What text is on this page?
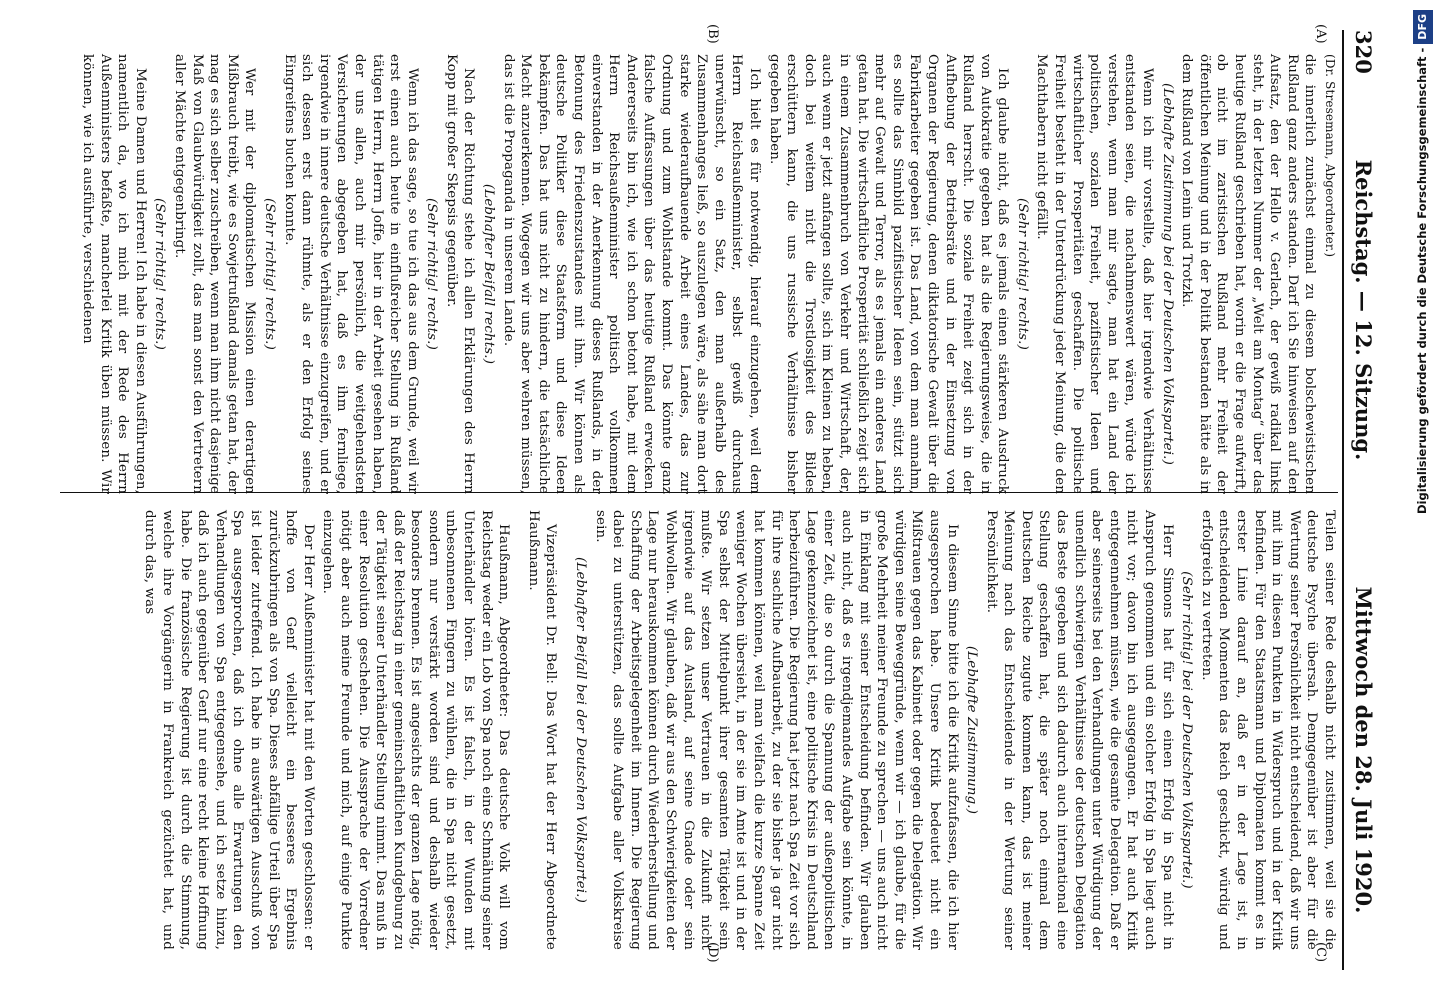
320
Reichstag. — 12. Sitzung.
Mittwoch den 28. Juli 1920.
(A)
(B)
(C)
(D)

(Dr. Stresemann, Abgeordneter.)

die innerlich zunächst einmal zu diesem bolschewistischen Rußland ganz anders standen. Darf ich Sie hinweisen auf den Aufsatz, den der Hello v. Gerlach, der gewiß radikal links steht, in der letzten Nummer der „Welt am Montag“ über das heutige Rußland geschrieben hat, worin er die Frage aufwirft, ob nicht im zaristischen Rußland mehr Freiheit der öffentlichen Meinung und in der Politik bestanden hätte als in dem Rußland von Lenin und Trotzki.

(Lebhafte Zustimmung bei der Deutschen Volkspartei.)

Wenn ich mir vorstellte, daß hier irgendwie Verhältnisse entstanden seien, die nachahmenswert wären, würde ich verstehen, wenn man mir sagte, man hat ein Land der politischen, sozialen Freiheit, pazifistischer Ideen und wirtschaftlicher Prosperitäten geschaffen. Die politische Freiheit besteht in der Unterdrückung jeder Meinung, die den Machthabern nicht gefällt.

(Sehr richtig! rechts.)

Ich glaube nicht, daß es jemals einen stärkeren Ausdruck von Autokratie gegeben hat als die Regierungsweise, die in Rußland herrscht. Die soziale Freiheit zeigt sich in der Aufhebung der Betriebsräte und in der Einsetzung von Organen der Regierung, denen diktatorische Gewalt über die Fabrikarbeiter gegeben ist. Das Land, von dem man annahm, es sollte das Sinnbild pazifistischer Ideen sein, stützt sich mehr auf Gewalt und Terror, als es jemals ein anderes Land getan hat. Die wirtschaftliche Prosperität schließlich zeigt sich in einem Zusammenbruch von Verkehr und Wirtschaft, der, auch wenn er jetzt anfangen sollte, sich im Kleinen zu heben, doch bei weitem nicht die Trostlosigkeit des Bildes erschüttern kann, die uns russische Verhältnisse bisher gegeben haben.

Ich hielt es für notwendig, hierauf einzugehen, weil dem Herrn Reichsaußenminister, selbst gewiß durchaus unerwünscht, so ein Satz, den man außerhalb des Zusammenhanges ließ, so auszulegen wäre, als sähe man dort starke wiederaufbauende Arbeit eines Landes, das zur Ordnung und zum Wohlstande kommt. Das könnte ganz falsche Auffassungen über das heutige Rußland erwecken. Andererseits bin ich, wie ich schon betont habe, mit dem Herrn Reichsaußenminister politisch vollkommen einverstanden in der Anerkennung dieses Rußlands, in der Betonung des Friedenszustandes mit ihm. Wir können als deutsche Politiker diese Staatsform und diese Ideen bekämpfen. Das hat uns nicht zu hindern, die tatsächliche Macht anzuerkennen. Wogegen wir uns aber wehren müssen, das ist die Propaganda in unserem Lande.

(Lebhafter Beifall rechts.)

Nach der Richtung stehe ich allen Erklärungen des Herrn Kopp mit großer Skepsis gegenüber.

(Sehr richtig! rechts.)

Wenn ich das sage, so tue ich das aus dem Grunde, weil wir erst einen auch heute in einflußreicher Stellung in Rußland tätigen Herrn, Herrn Joffe, hier in der Arbeit gesehen haben, der uns allen, auch mir persönlich, die weitgehendsten Versicherungen abgegeben hat, daß es ihm fernliege, irgendwie in innere deutsche Verhältnisse einzugreifen, und er sich dessen erst dann rühmte, als er den Erfolg seines Eingreifens buchen konnte.

(Sehr richtig! rechts.)

Wer mit der diplomatischen Mission einen derartigen Mißbrauch treibt, wie es Sowjetrußland damals getan hat, der mag es sich selber zuschreiben, wenn man ihm nicht dasjenige Maß von Glaubwürdigkeit zollt, das man sonst den Vertretern aller Mächte entgegenbringt.

(Sehr richtig! rechts.)

Meine Damen und Herren! Ich habe in diesen Ausführungen, namentlich da, wo ich mich mit der Rede des Herrn Außenministers befaßte, mancherlei Kritik üben müssen. Wir können, wie ich ausführte, verschiedenen

Teilen seiner Rede deshalb nicht zustimmen, weil sie die deutsche Psyche übersah. Demgegenüber ist aber für die Wertung seiner Persönlichkeit nicht entscheidend, daß wir uns mit ihm in diesen Punkten in Widerspruch und in der Kritik befinden. Für den Staatsmann und Diplomaten kommt es in erster Linie darauf an, daß er in der Lage ist, in entscheidenden Momenten das Reich geschickt, würdig und erfolgreich zu vertreten.

(Sehr richtig! bei der Deutschen Volkspartei.)

Herr Simons hat für sich einen Erfolg in Spa nicht in Anspruch genommen und ein solcher Erfolg in Spa liegt auch nicht vor; davon bin ich ausgegangen. Er hat auch Kritik entgegennehmen müssen, wie die gesamte Delegation. Daß er aber seinerseits bei den Verhandlungen unter Würdigung der unendlich schwierigen Verhältnisse der deutschen Delegation das Beste gegeben und sich dadurch auch international eine Stellung geschaffen hat, die später noch einmal dem Deutschen Reiche zugute kommen kann, das ist meiner Meinung nach das Entscheidende in der Wertung seiner Persönlichkeit.

(Lebhafte Zustimmung.)

In diesem Sinne bitte ich die Kritik aufzufassen, die ich hier ausgesprochen habe. Unsere Kritik bedeutet nicht ein Mißtrauen gegen das Kabinett oder gegen die Delegation. Wir würdigen seine Beweggründe, wenn wir — ich glaube, für die große Mehrheit meiner Freunde zu sprechen — uns auch nicht in Einklang mit seiner Entscheidung befinden. Wir glauben auch nicht, daß es irgendjemandes Aufgabe sein könnte, in einer Zeit, die so durch die Spannung der außenpolitischen Lage gekennzeichnet ist, eine politische Krisis in Deutschland herbeizuführen. Die Regierung hat jetzt nach Spa Zeit vor sich für ihre sachliche Aufbauarbeit, zu der sie bisher ja gar nicht hat kommen können, weil man vielfach die kurze Spanne Zeit weniger Wochen übersieht, in der sie im Amte ist und in der Spa selbst der Mittelpunkt ihrer gesamten Tätigkeit sein mußte. Wir setzen unser Vertrauen in die Zukunft nicht irgendwie auf das Ausland, auf seine Gnade oder sein Wohlwollen. Wir glauben, daß wir aus den Schwierigkeiten der Lage nur herauskommen können durch Wiederherstellung und Schaffung der Arbeitsgelegenheit im Innern. Die Regierung dabei zu unterstützen, das sollte Aufgabe aller Volkskreise sein.

(Lebhafter Beifall bei der Deutschen Volkspartei.)

Vizepräsident Dr. Bell: Das Wort hat der Herr Abgeordnete Haußmann.

Haußmann, Abgeordneter: Das deutsche Volk will vom Reichstag weder ein Lob von Spa noch eine Schmähung seiner Unterhändler hören. Es ist falsch, in der Wunden mit unbesonnenen Fingern zu wühlen, die in Spa nicht gesetzt, sondern nur verstärkt worden sind und deshalb wieder besonders brennen. Es ist angesichts der ganzen Lage nötig, daß der Reichstag in einer gemeinschaftlichen Kundgebung zu der Tätigkeit seiner Unterhändler Stellung nimmt. Das muß in einer Resolution geschehen. Die Aussprache der Vorredner nötigt aber auch meine Freunde und mich, auf einige Punkte einzugehen.

Der Herr Außenminister hat mit den Worten geschlossen: er hoffe von Genf vielleicht ein besseres Ergebnis zurückzubringen als von Spa. Dieses abfällige Urteil über Spa ist leider zutreffend. Ich habe in auswärtigen Ausschuß von Spa ausgesprochen, daß ich ohne alle Erwartungen den Verhandlungen von Spa entgegensehe, und ich setze hinzu, daß ich auch gegenüber Genf nur eine recht kleine Hoffnung habe. Die französische Regierung ist durch die Stimmung, welche ihre Vorgängerin in Frankreich gezüchtet hat, und durch das, was

Digitalisierung gefördert durch die Deutsche Forschungsgemeinschaft -DFG
